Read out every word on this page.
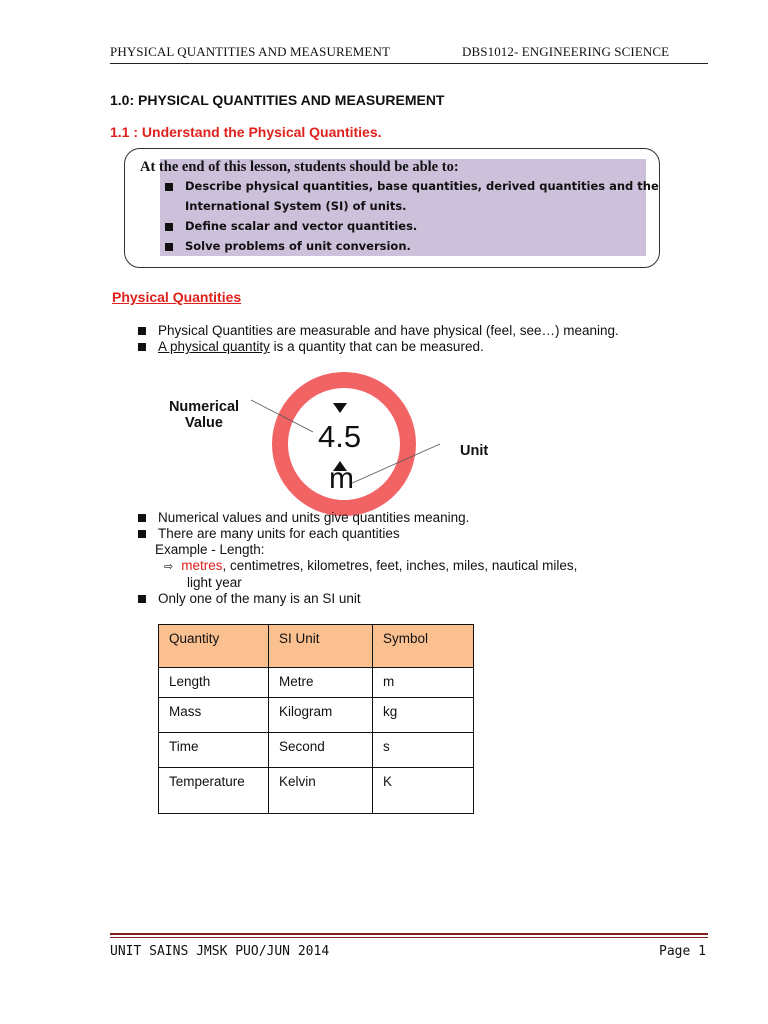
PHYSICAL QUANTITIES AND MEASUREMENT	DBS1012- ENGINEERING SCIENCE
1.0: PHYSICAL QUANTITIES AND MEASUREMENT
1.1 : Understand the Physical Quantities.
At the end of this lesson, students should be able to:
Describe physical quantities, base quantities, derived quantities and the
International System (SI) of units.
Define scalar and vector quantities.
Solve problems of unit conversion.
Physical Quantities
Physical Quantities are measurable and have physical (feel, see…) meaning.
A physical quantity is a quantity that can be measured.
4.5
m
Numerical
Value
Unit
Numerical values and units give quantities meaning.
There are many units for each quantities
Example - Length:
⇨ metres, centimetres, kilometres, feet, inches, miles, nautical miles,
light year
Only one of the many is an SI unit
Quantity	SI Unit	Symbol
Length	Metre	m
Mass	Kilogram	kg
Time	Second	s
Temperature	Kelvin	K
UNIT SAINS JMSK PUO/JUN 2014	Page 1
